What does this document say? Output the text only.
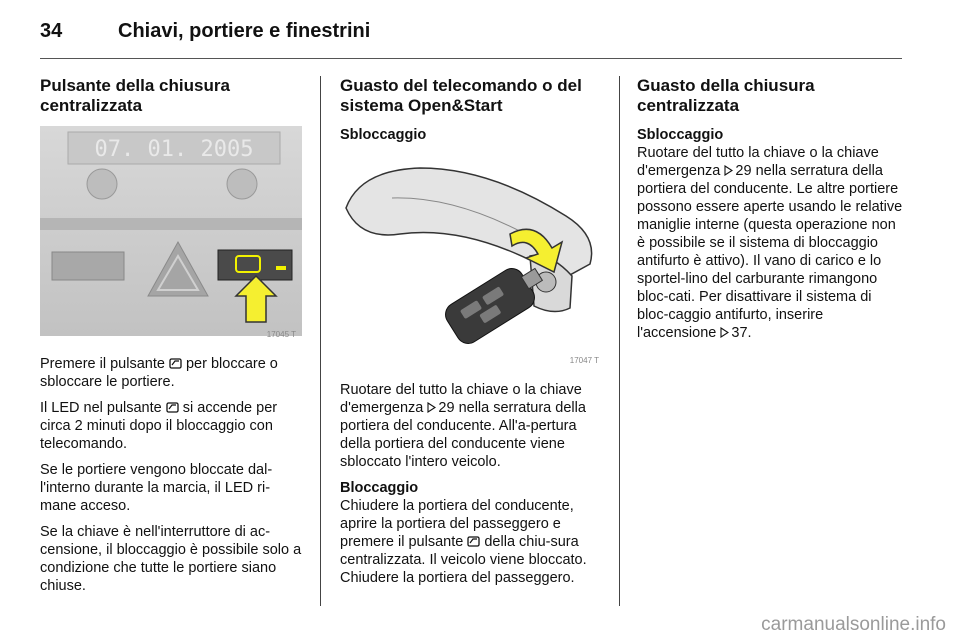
34	Chiavi, portiere e finestrini
Pulsante della chiusura centralizzata
07. 01. 2005
17045 T

Premere il pulsante  per bloccare o sbloccare le portiere.

Il LED nel pulsante  si accende per circa 2 minuti dopo il bloccaggio con telecomando.

Se le portiere vengono bloccate dal-l'interno durante la marcia, il LED ri-mane acceso.

Se la chiave è nell'interruttore di ac-censione, il bloccaggio è possibile solo a condizione che tutte le portiere siano chiuse.

Guasto del telecomando o del sistema Open&Start
Sbloccaggio
17047 T

Ruotare del tutto la chiave o la chiave d'emergenza 29 nella serratura della portiera del conducente. All'a-pertura della portiera del conducente viene sbloccato l'intero veicolo.

Bloccaggio

Chiudere la portiera del conducente, aprire la portiera del passeggero e premere il pulsante  della chiu-sura centralizzata. Il veicolo viene bloccato. Chiudere la portiera del passeggero.

Guasto della chiusura centralizzata
Sbloccaggio

Ruotare del tutto la chiave o la chiave d'emergenza 29 nella serratura della portiera del conducente. Le altre portiere possono essere aperte usando le relative maniglie interne (questa operazione non è possibile se il sistema di bloccaggio antifurto è attivo). Il vano di carico e lo sportel-lino del carburante rimangono bloc-cati. Per disattivare il sistema di bloc-caggio antifurto, inserire l'accensione 37.

carmanualsonline.info
